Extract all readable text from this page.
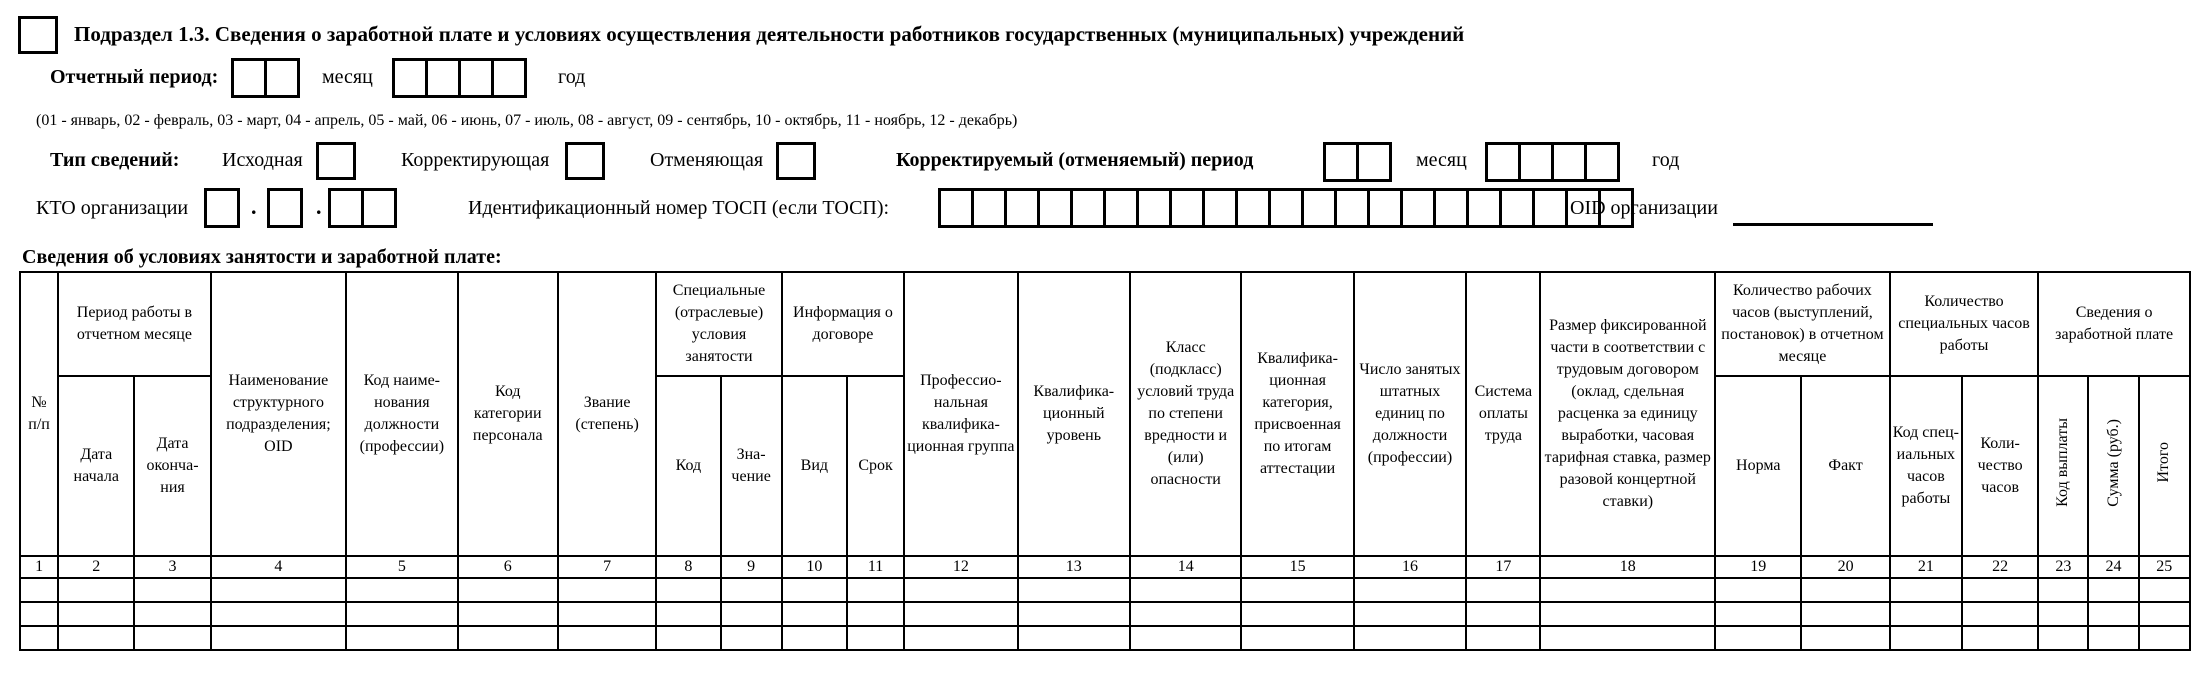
Подраздел 1.3. Сведения о заработной плате и условиях осуществления деятельности работников государственных (муниципальных) учреждений
Отчетный период:	месяц	год
(01 - январь, 02 - февраль, 03 - март, 04 - апрель, 05 - май, 06 - июнь, 07 - июль, 08 - август, 09 - сентябрь, 10 - октябрь, 11 - ноябрь, 12 - декабрь)
Тип сведений: Исходная	Корректирующая	Отменяющая	Корректируемый (отменяемый) период	месяц	год
КТО организации	.	.	Идентификационный номер ТОСП (если ТОСП):	OID организации
Сведения об условиях занятости и заработной плате:
№ п/п	Период работы в отчетном месяце		Наименование структурного подразделения; OID	Код наиме-нования должности (профессии)	Код категории персонала	Звание (степень)	Специальные (отраслевые) условия занятости		Информация о договоре		Профессио-нальная квалифика-ционная группа	Квалифика-ционный уровень	Класс (подкласс) условий труда по степени вредности и (или) опасности	Квалифика-ционная категория, присвоенная по итогам аттестации	Число занятых штатных единиц по должности (профессии)	Система оплаты труда	Размер фиксированной части в соответствии с трудовым договором (оклад, сдельная расценка за единицу выработки, часовая тарифная ставка, размер разовой концертной ставки)	Количество рабочих часов (выступлений, постановок) в отчетном месяце		Количество специальных часов работы		Сведения о заработной плате		
	Дата начала	Дата оконча-ния					Код	Зна-чение	Вид	Срок								Норма	Факт	Код спец-иальных часов работы	Коли-чество часов	Код выплаты	Сумма (руб.)	Итого
1	2	3	4	5	6	7	8	9	10	11	12	13	14	15	16	17	18	19	20	21	22	23	24	25
